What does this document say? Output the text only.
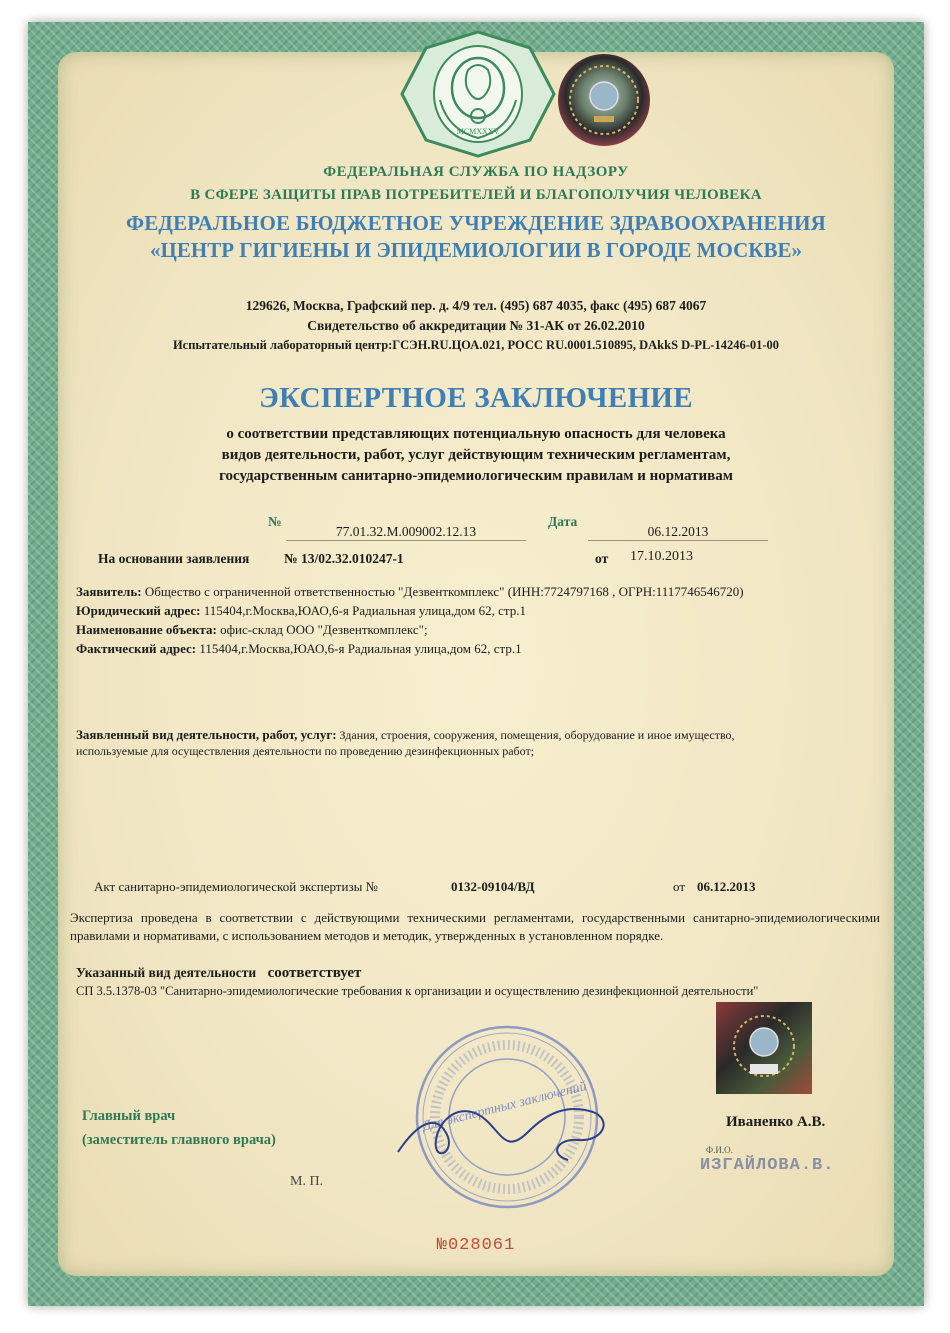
MCMXXXV
ФЕДЕРАЛЬНАЯ СЛУЖБА ПО НАДЗОРУ
В СФЕРЕ ЗАЩИТЫ ПРАВ ПОТРЕБИТЕЛЕЙ И БЛАГОПОЛУЧИЯ ЧЕЛОВЕКА
ФЕДЕРАЛЬНОЕ БЮДЖЕТНОЕ УЧРЕЖДЕНИЕ ЗДРАВООХРАНЕНИЯ
«ЦЕНТР ГИГИЕНЫ И ЭПИДЕМИОЛОГИИ В ГОРОДЕ МОСКВЕ»
129626, Москва, Графский пер. д. 4/9 тел. (495) 687 4035, факс (495) 687 4067
Свидетельство об аккредитации № 31-АК от 26.02.2010
Испытательный лабораторный центр:ГСЭН.RU.ЦОА.021, РОСС RU.0001.510895, DAkkS D-PL-14246-01-00
ЭКСПЕРТНОЕ ЗАКЛЮЧЕНИЕ
о соответствии представляющих потенциальную опасность для человека
видов деятельности, работ, услуг действующим техническим регламентам,
государственным санитарно-эпидемиологическим правилам и нормативам
№
77.01.32.М.009002.12.13
Дата
06.12.2013
На основании заявления	№ 13/02.32.010247-1	от 17.10.2013
Заявитель: Общество с ограниченной ответственностью "Дезвенткомплекс" (ИНН:7724797168 , ОГРН:1117746546720)
Юридический адрес: 115404,г.Москва,ЮАО,6-я Радиальная улица,дом 62, стр.1
Наименование объекта: офис-склад ООО "Дезвенткомплекс";
Фактический адрес: 115404,г.Москва,ЮАО,6-я Радиальная улица,дом 62, стр.1
Заявленный вид деятельности, работ, услуг: Здания, строения, сооружения, помещения, оборудование и иное имущество,
используемые для осуществления деятельности по проведению дезинфекционных работ;
Акт санитарно-эпидемиологической экспертизы №	0132-09104/ВД	от 06.12.2013
Экспертиза проведена в соответствии с действующими техническими регламентами, государственными санитарно-эпидемиологическими правилами и нормативами, с использованием методов и методик, утвержденных в установленном порядке.
Указанный вид деятельности соответствует
СП 3.5.1378-03 "Санитарно-эпидемиологические требования к организации и осуществлению дезинфекционной деятельности"
Для экспертных заключений
Главный врач
(заместитель главного врача)
М. П.
Иваненко А.В.
Ф.И.О.
ИЗГАЙЛОВА.В.
№028061
